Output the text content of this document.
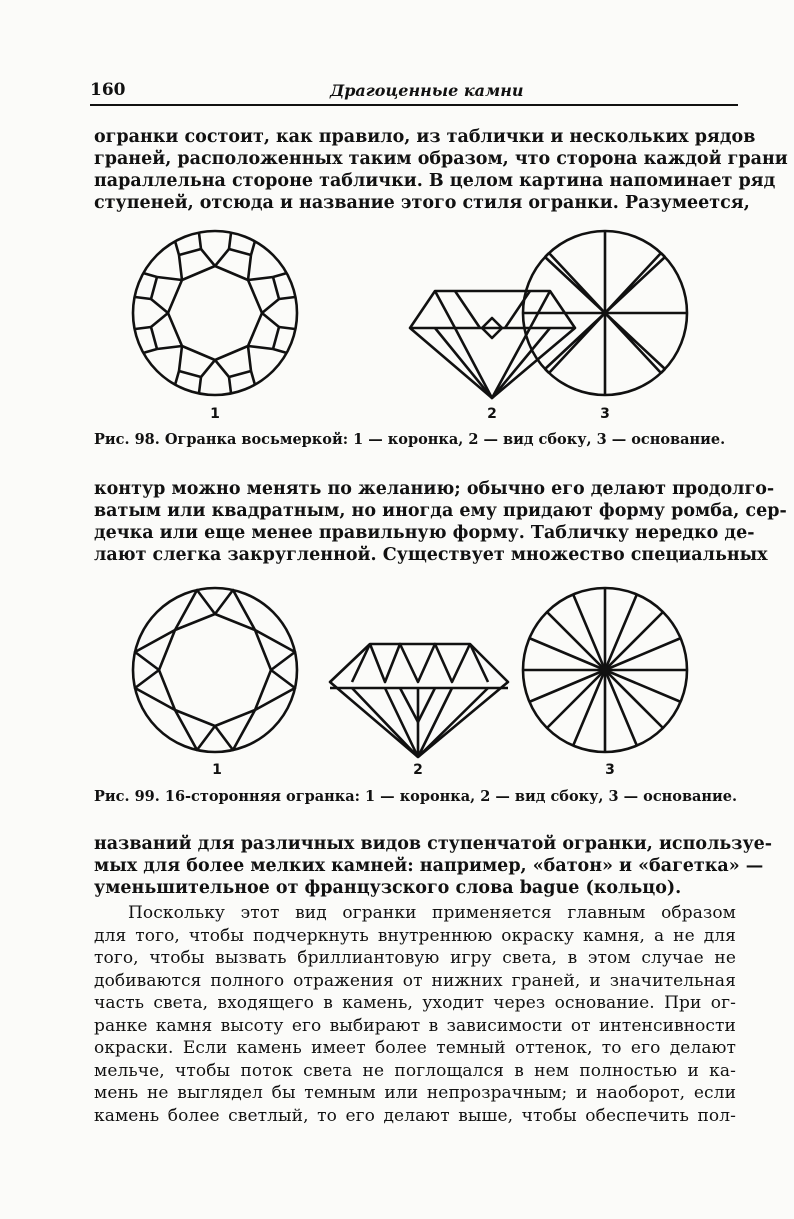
160	Драгоценные камни
огранки состоит, как правило, из таблички и нескольких рядов
граней, расположенных таким образом, что сторона каждой грани
параллельна стороне таблички. В целом картина напоминает ряд
ступеней, отсюда и название этого стиля огранки. Разумеется,
1	2	3
Рис. 98. Огранка восьмеркой: 1 — коронка, 2 — вид сбоку, 3 — основание.
контур можно менять по желанию; обычно его делают продолго-
ватым или квадратным, но иногда ему придают форму ромба, сер-
дечка или еще менее правильную форму. Табличку нередко де-
лают слегка закругленной. Существует множество специальных
1	2	3
Рис. 99. 16-сторонняя огранка: 1 — коронка, 2 — вид сбоку, 3 — основание.
названий для различных видов ступенчатой огранки, используе-
мых для более мелких камней: например, «батон» и «багетка» —
уменьшительное от французского слова bague (кольцо).
Поскольку этот вид огранки применяется главным образом
для того, чтобы подчеркнуть внутреннюю окраску камня, а не для
того, чтобы вызвать бриллиантовую игру света, в этом случае не
добиваются полного отражения от нижних граней, и значительная
часть света, входящего в камень, уходит через основание. При ог-
ранке камня высоту его выбирают в зависимости от интенсивности
окраски. Если камень имеет более темный оттенок, то его делают
мельче, чтобы поток света не поглощался в нем полностью и ка-
мень не выглядел бы темным или непрозрачным; и наоборот, если
камень более светлый, то его делают выше, чтобы обеспечить пол-
